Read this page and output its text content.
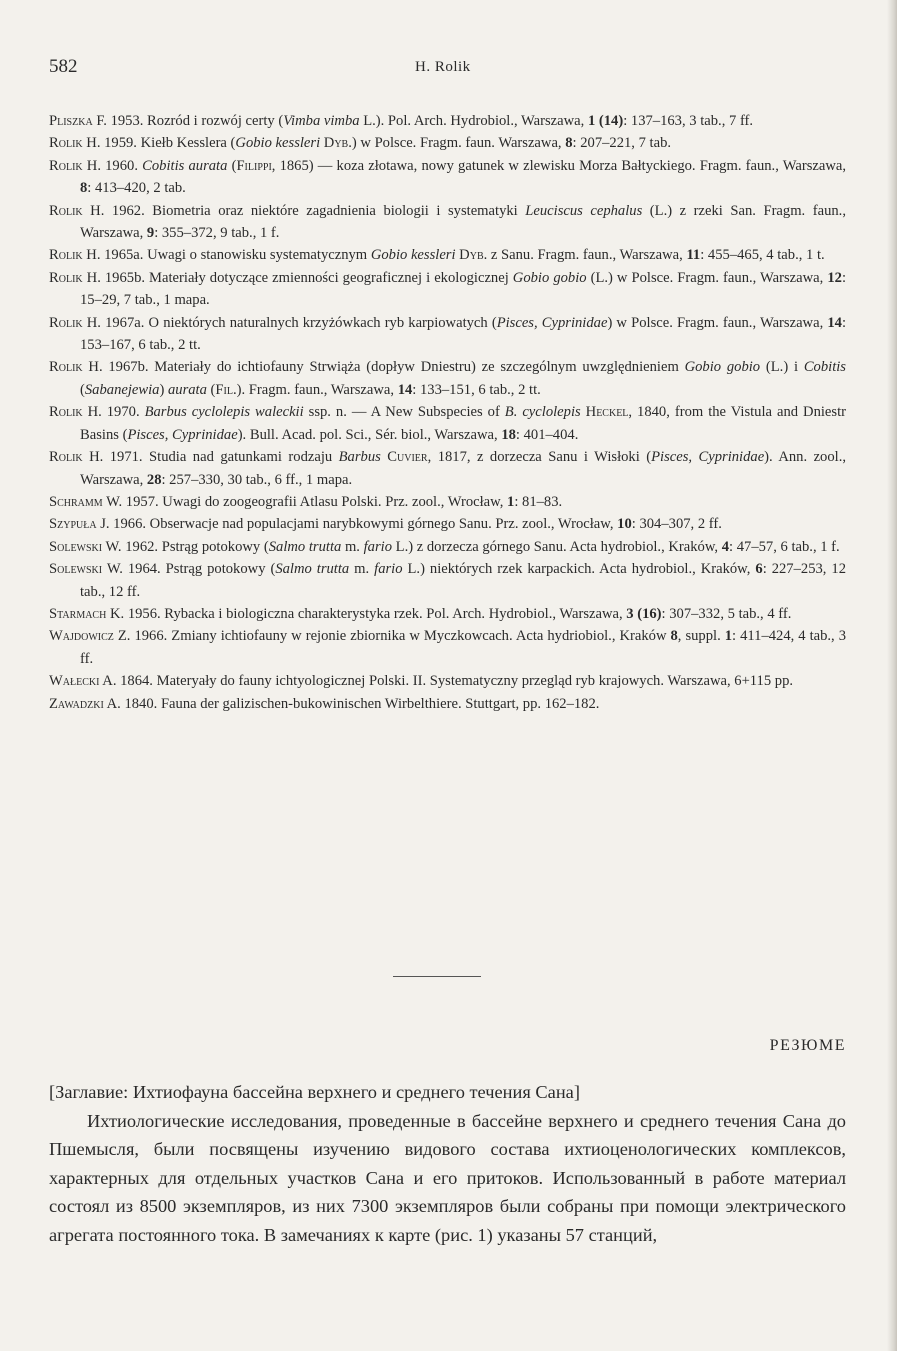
582	H. Rolik

Pliszka F. 1953. Rozród i rozwój certy (Vimba vimba L.). Pol. Arch. Hydrobiol., Warszawa, 1 (14): 137–163, 3 tab., 7 ff.

Rolik H. 1959. Kiełb Kesslera (Gobio kessleri Dyb.) w Polsce. Fragm. faun. Warszawa, 8: 207–221, 7 tab.

Rolik H. 1960. Cobitis aurata (Filippi, 1865) — koza złotawa, nowy gatunek w zlewisku Morza Bałtyckiego. Fragm. faun., Warszawa, 8: 413–420, 2 tab.

Rolik H. 1962. Biometria oraz niektóre zagadnienia biologii i systematyki Leuciscus cephalus (L.) z rzeki San. Fragm. faun., Warszawa, 9: 355–372, 9 tab., 1 f.

Rolik H. 1965a. Uwagi o stanowisku systematycznym Gobio kessleri Dyb. z Sanu. Fragm. faun., Warszawa, 11: 455–465, 4 tab., 1 t.

Rolik H. 1965b. Materiały dotyczące zmienności geograficznej i ekologicznej Gobio gobio (L.) w Polsce. Fragm. faun., Warszawa, 12: 15–29, 7 tab., 1 mapa.

Rolik H. 1967a. O niektórych naturalnych krzyżówkach ryb karpiowatych (Pisces, Cyprinidae) w Polsce. Fragm. faun., Warszawa, 14: 153–167, 6 tab., 2 tt.

Rolik H. 1967b. Materiały do ichtiofauny Strwiąża (dopływ Dniestru) ze szczególnym uwzględnieniem Gobio gobio (L.) i Cobitis (Sabanejewia) aurata (Fil.). Fragm. faun., Warszawa, 14: 133–151, 6 tab., 2 tt.

Rolik H. 1970. Barbus cyclolepis waleckii ssp. n. — A New Subspecies of B. cyclolepis Heckel, 1840, from the Vistula and Dniestr Basins (Pisces, Cyprinidae). Bull. Acad. pol. Sci., Sér. biol., Warszawa, 18: 401–404.

Rolik H. 1971. Studia nad gatunkami rodzaju Barbus Cuvier, 1817, z dorzecza Sanu i Wisłoki (Pisces, Cyprinidae). Ann. zool., Warszawa, 28: 257–330, 30 tab., 6 ff., 1 mapa.

Schramm W. 1957. Uwagi do zoogeografii Atlasu Polski. Prz. zool., Wrocław, 1: 81–83.

Szypuła J. 1966. Obserwacje nad populacjami narybkowymi górnego Sanu. Prz. zool., Wrocław, 10: 304–307, 2 ff.

Solewski W. 1962. Pstrąg potokowy (Salmo trutta m. fario L.) z dorzecza górnego Sanu. Acta hydrobiol., Kraków, 4: 47–57, 6 tab., 1 f.

Solewski W. 1964. Pstrąg potokowy (Salmo trutta m. fario L.) niektórych rzek karpackich. Acta hydrobiol., Kraków, 6: 227–253, 12 tab., 12 ff.

Starmach K. 1956. Rybacka i biologiczna charakterystyka rzek. Pol. Arch. Hydrobiol., Warszawa, 3 (16): 307–332, 5 tab., 4 ff.

Wajdowicz Z. 1966. Zmiany ichtiofauny w rejonie zbiornika w Myczkowcach. Acta hydriobiol., Kraków 8, suppl. 1: 411–424, 4 tab., 3 ff.

Wałecki A. 1864. Materyały do fauny ichtyologicznej Polski. II. Systematyczny przegląd ryb krajowych. Warszawa, 6+115 pp.

Zawadzki A. 1840. Fauna der galizischen-bukowinischen Wirbelthiere. Stuttgart, pp. 162–182.

РЕЗЮМЕ

[Заглавие: Ихтиофауна бассейна верхнего и среднего течения Сана]

Ихтиологические исследования, проведенные в бассейне верхнего и среднего течения Сана до Пшемысля, были посвящены изучению видового состава ихтиоценологических комплексов, характерных для отдельных участков Сана и его притоков. Использованный в работе материал состоял из 8500 экземпляров, из них 7300 экземпляров были собраны при помощи электрического агрегата постоянного тока. В замечаниях к карте (рис. 1) указаны 57 станций,
